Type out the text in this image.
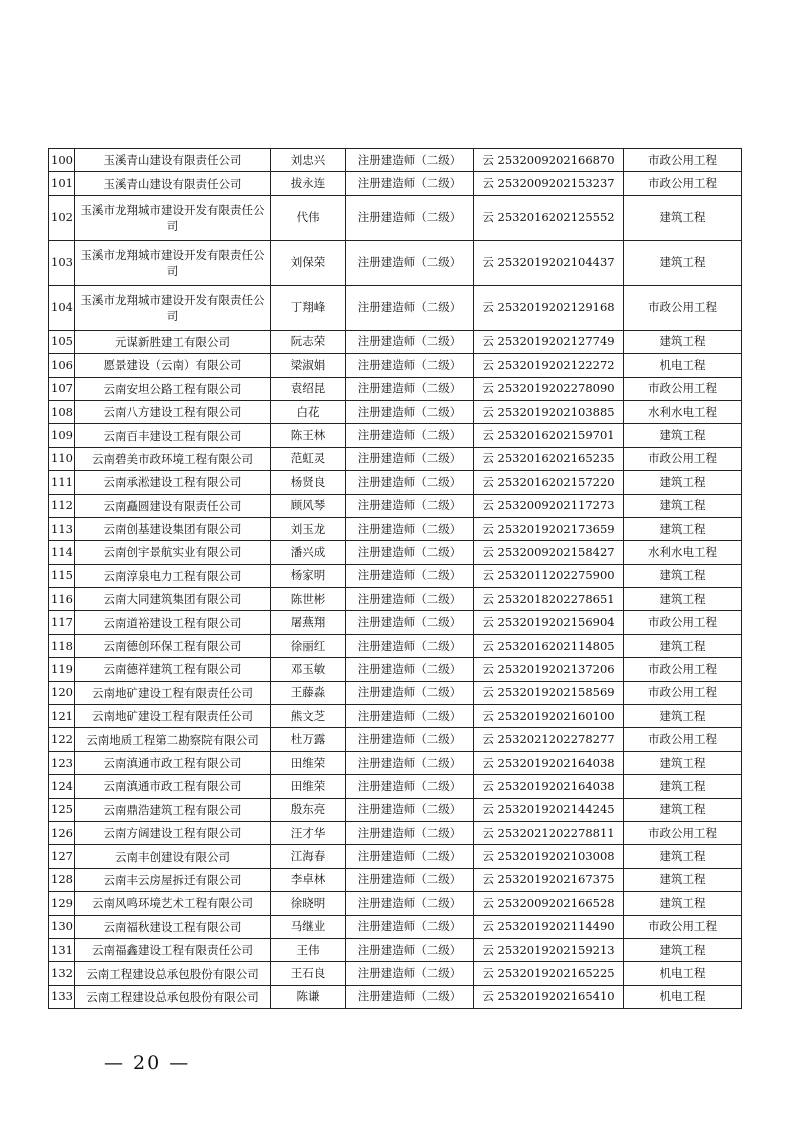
100	玉溪青山建设有限责任公司	刘忠兴	注册建造师（二级）	云 2532009202166870	市政公用工程
101	玉溪青山建设有限责任公司	拔永连	注册建造师（二级）	云 2532009202153237	市政公用工程
102	玉溪市龙翔城市建设开发有限责任公司	代伟	注册建造师（二级）	云 2532016202125552	建筑工程
103	玉溪市龙翔城市建设开发有限责任公司	刘保荣	注册建造师（二级）	云 2532019202104437	建筑工程
104	玉溪市龙翔城市建设开发有限责任公司	丁翔峰	注册建造师（二级）	云 2532019202129168	市政公用工程
105	元谋新胜建工有限公司	阮志荣	注册建造师（二级）	云 2532019202127749	建筑工程
106	愿景建设（云南）有限公司	梁淑娟	注册建造师（二级）	云 2532019202122272	机电工程
107	云南安坦公路工程有限公司	袁绍昆	注册建造师（二级）	云 2532019202278090	市政公用工程
108	云南八方建设工程有限公司	白花	注册建造师（二级）	云 2532019202103885	水利水电工程
109	云南百丰建设工程有限公司	陈王林	注册建造师（二级）	云 2532016202159701	建筑工程
110	云南碧美市政环境工程有限公司	范虹灵	注册建造师（二级）	云 2532016202165235	市政公用工程
111	云南承淞建设工程有限公司	杨贤良	注册建造师（二级）	云 2532016202157220	建筑工程
112	云南矗圆建设有限责任公司	顾风琴	注册建造师（二级）	云 2532009202117273	建筑工程
113	云南创基建设集团有限公司	刘玉龙	注册建造师（二级）	云 2532019202173659	建筑工程
114	云南创宇景航实业有限公司	潘兴成	注册建造师（二级）	云 2532009202158427	水利水电工程
115	云南淳泉电力工程有限公司	杨家明	注册建造师（二级）	云 2532011202275900	建筑工程
116	云南大同建筑集团有限公司	陈世彬	注册建造师（二级）	云 2532018202278651	建筑工程
117	云南道裕建设工程有限公司	屠燕翔	注册建造师（二级）	云 2532019202156904	市政公用工程
118	云南德创环保工程有限公司	徐丽红	注册建造师（二级）	云 2532016202114805	建筑工程
119	云南德祥建筑工程有限公司	邓玉敏	注册建造师（二级）	云 2532019202137206	市政公用工程
120	云南地矿建设工程有限责任公司	王藤淼	注册建造师（二级）	云 2532019202158569	市政公用工程
121	云南地矿建设工程有限责任公司	熊文芝	注册建造师（二级）	云 2532019202160100	建筑工程
122	云南地质工程第二勘察院有限公司	杜万露	注册建造师（二级）	云 2532021202278277	市政公用工程
123	云南滇通市政工程有限公司	田维荣	注册建造师（二级）	云 2532019202164038	建筑工程
124	云南滇通市政工程有限公司	田维荣	注册建造师（二级）	云 2532019202164038	建筑工程
125	云南鼎浩建筑工程有限公司	殷东亮	注册建造师（二级）	云 2532019202144245	建筑工程
126	云南方阔建设工程有限公司	汪才华	注册建造师（二级）	云 2532021202278811	市政公用工程
127	云南丰创建设有限公司	江海春	注册建造师（二级）	云 2532019202103008	建筑工程
128	云南丰云房屋拆迁有限公司	李卓林	注册建造师（二级）	云 2532019202167375	建筑工程
129	云南风鸣环境艺术工程有限公司	徐晓明	注册建造师（二级）	云 2532009202166528	建筑工程
130	云南福秋建设工程有限公司	马继业	注册建造师（二级）	云 2532019202114490	市政公用工程
131	云南福鑫建设工程有限责任公司	王伟	注册建造师（二级）	云 2532019202159213	建筑工程
132	云南工程建设总承包股份有限公司	王石良	注册建造师（二级）	云 2532019202165225	机电工程
133	云南工程建设总承包股份有限公司	陈谦	注册建造师（二级）	云 2532019202165410	机电工程
— 20 —
